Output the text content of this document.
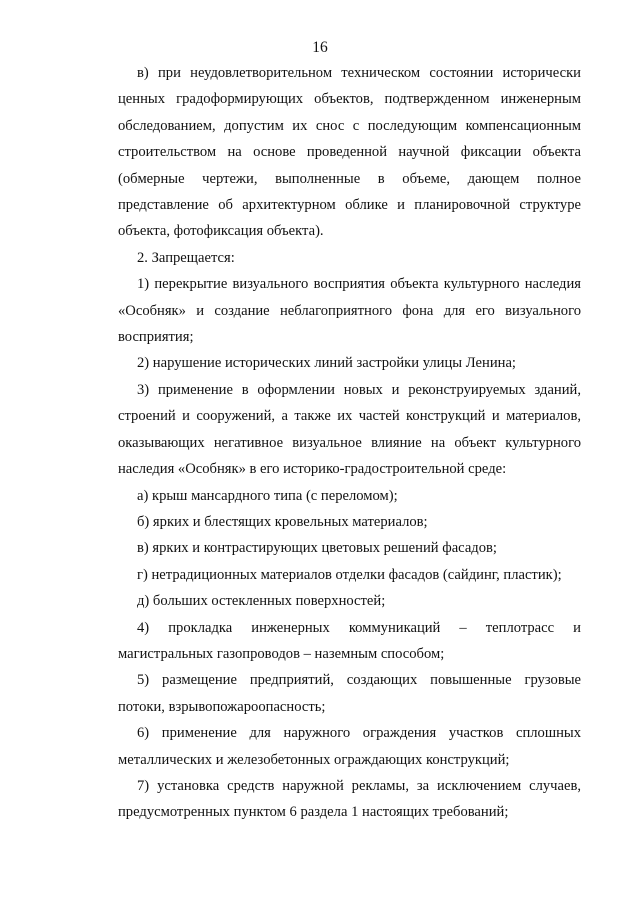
16

в) при неудовлетворительном техническом состоянии исторически ценных градоформирующих объектов, подтвержденном инженерным обследованием, допустим их снос с последующим компенсационным строительством на основе проведенной научной фиксации объекта (обмерные чертежи, выполненные в объеме, дающем полное представление об архитектурном облике и планировочной структуре объекта, фотофиксация объекта).

2. Запрещается:

1) перекрытие визуального восприятия объекта культурного наследия «Особняк» и создание неблагоприятного фона для его визуального восприятия;

2) нарушение исторических линий застройки улицы Ленина;

3) применение в оформлении новых и реконструируемых зданий, строений и сооружений, а также их частей конструкций и материалов, оказывающих негативное визуальное влияние на объект культурного наследия «Особняк» в его историко-градостроительной среде:

а) крыш мансардного типа (с переломом);

б) ярких и блестящих кровельных материалов;

в) ярких и контрастирующих цветовых решений фасадов;

г) нетрадиционных материалов отделки фасадов (сайдинг, пластик);

д) больших остекленных поверхностей;

4) прокладка инженерных коммуникаций – теплотрасс и магистральных газопроводов – наземным способом;

5) размещение предприятий, создающих повышенные грузовые потоки, взрывопожароопасность;

6) применение для наружного ограждения участков сплошных металлических и железобетонных ограждающих конструкций;

7) установка средств наружной рекламы, за исключением случаев, предусмотренных пунктом 6 раздела 1 настоящих требований;
